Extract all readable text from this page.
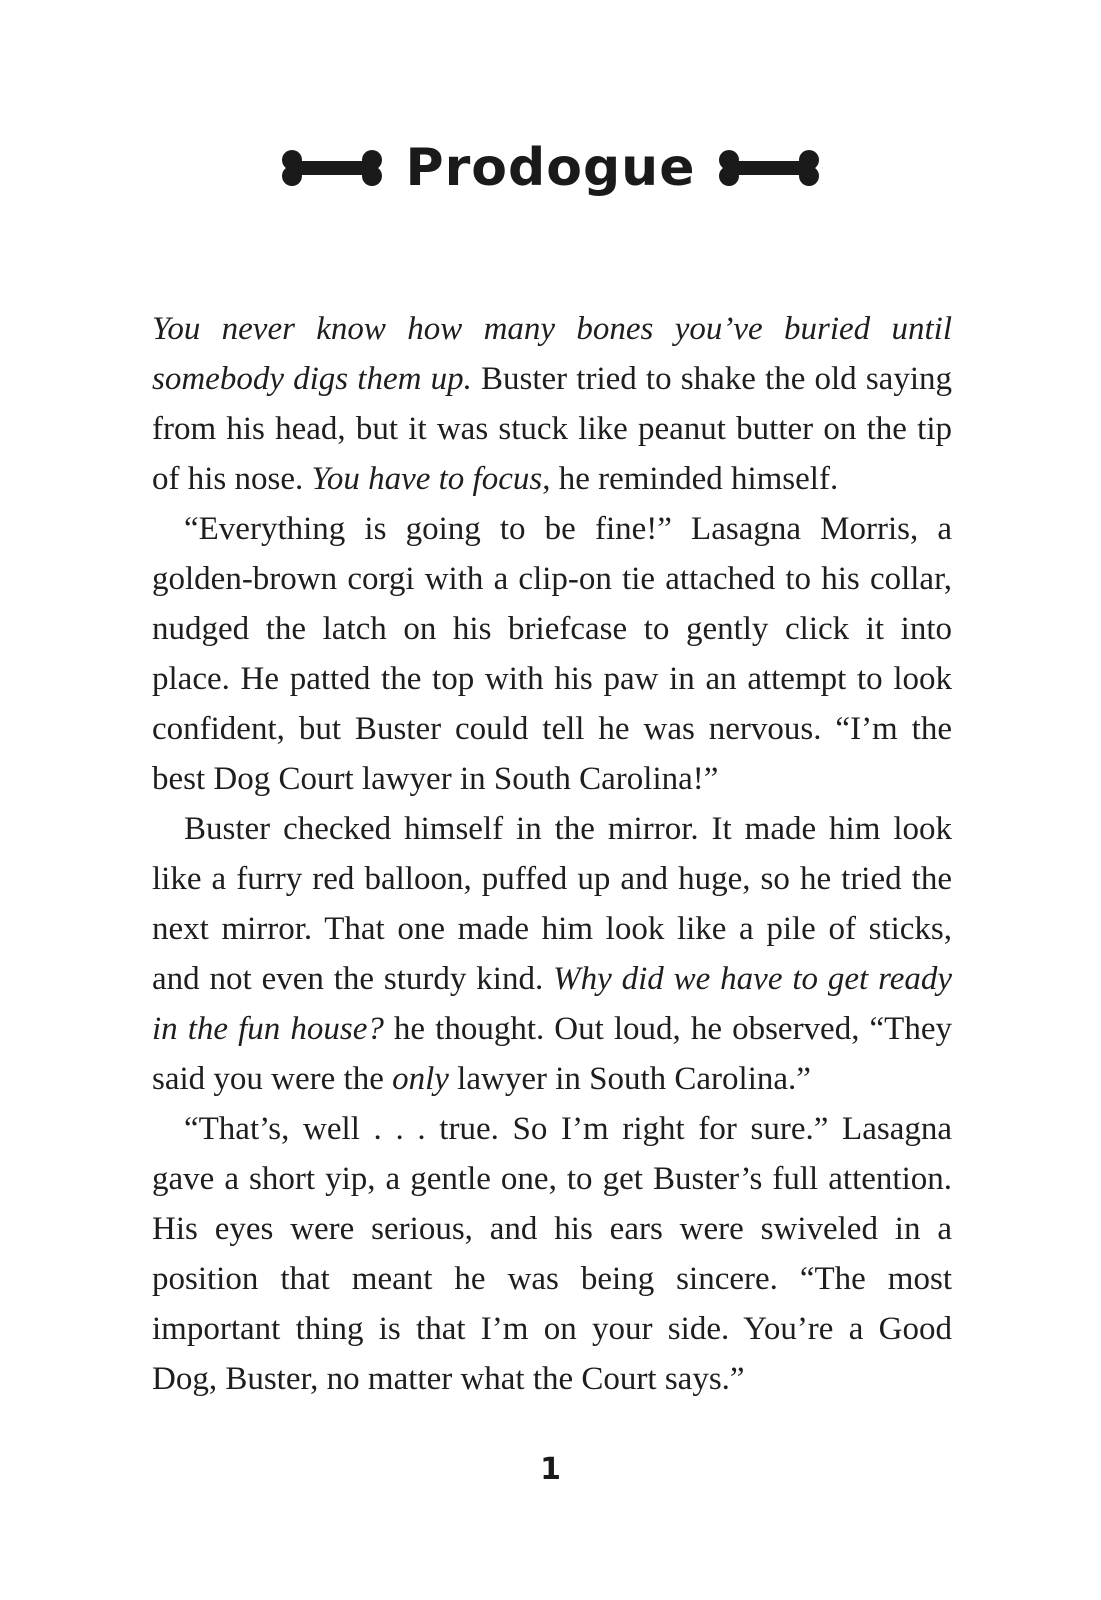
Prodogue

You never know how many bones you’ve buried until somebody digs them up. Buster tried to shake the old saying from his head, but it was stuck like peanut butter on the tip of his nose. You have to focus, he reminded himself.

“Everything is going to be fine!” Lasagna Morris, a golden-brown corgi with a clip-on tie attached to his collar, nudged the latch on his briefcase to gently click it into place. He patted the top with his paw in an attempt to look confident, but Buster could tell he was nervous. “I’m the best Dog Court lawyer in South Carolina!”

Buster checked himself in the mirror. It made him look like a furry red balloon, puffed up and huge, so he tried the next mirror. That one made him look like a pile of sticks, and not even the sturdy kind. Why did we have to get ready in the fun house? he thought. Out loud, he observed, “They said you were the only lawyer in South Carolina.”

“That’s, well . . . true. So I’m right for sure.” Lasagna gave a short yip, a gentle one, to get Buster’s full attention. His eyes were serious, and his ears were swiveled in a position that meant he was being sincere. “The most important thing is that I’m on your side. You’re a Good Dog, Buster, no matter what the Court says.”

1
